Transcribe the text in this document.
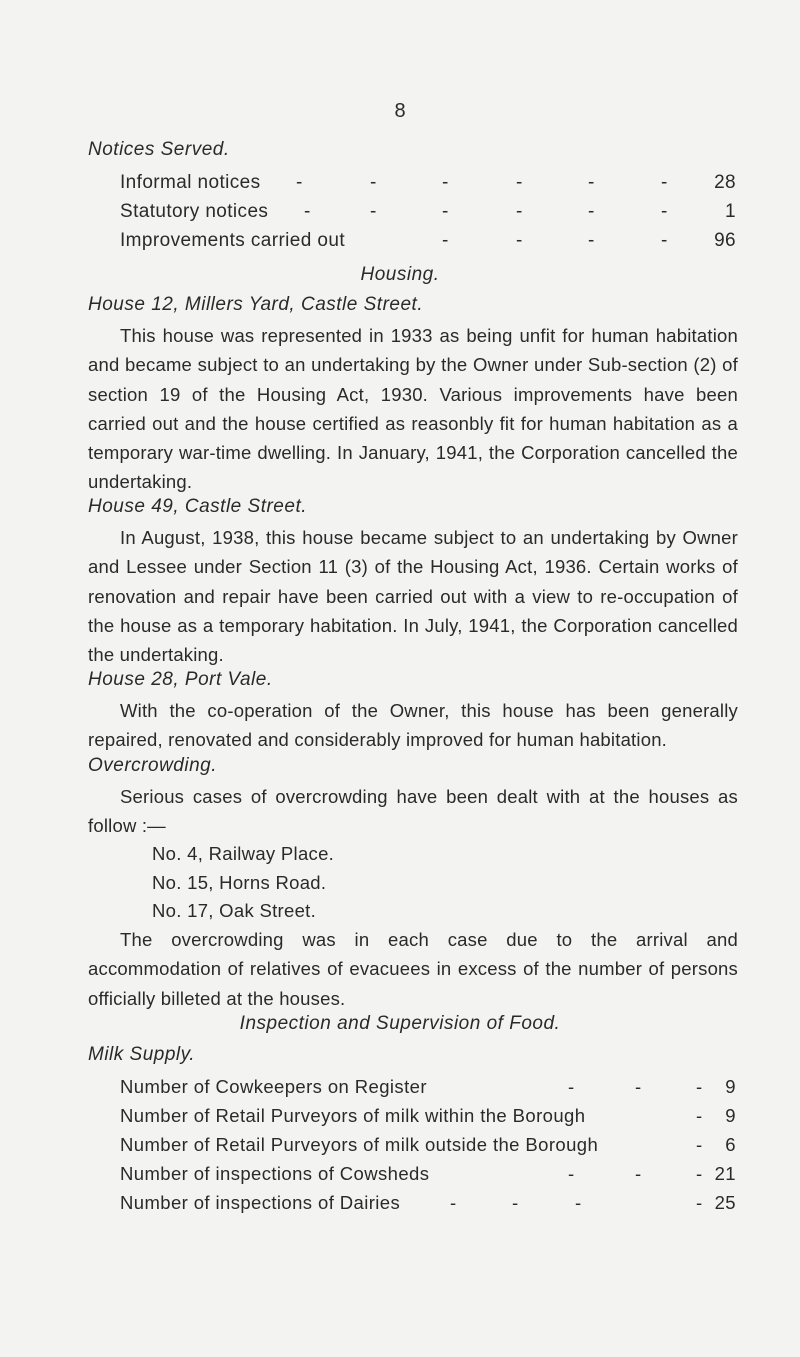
8
Notices Served.
Informal notices -	-	-	-	-	- 28
Statutory notices -	-	-	-	-	-	1
Improvements carried out	-	-	-	- 96
Housing.
House 12, Millers Yard, Castle Street.
This house was represented in 1933 as being unfit for human habitation and became subject to an undertaking by the Owner under Sub-section (2) of section 19 of the Housing Act, 1930. Various improvements have been carried out and the house certified as reasonbly fit for human habitation as a temporary war-time dwelling. In January, 1941, the Corporation cancelled the undertaking.
House 49, Castle Street.
In August, 1938, this house became subject to an undertaking by Owner and Lessee under Section 11 (3) of the Housing Act, 1936. Certain works of renovation and repair have been carried out with a view to re-occupation of the house as a temporary habitation. In July, 1941, the Corporation cancelled the undertaking.
House 28, Port Vale.
With the co-operation of the Owner, this house has been generally repaired, renovated and considerably improved for human habitation.
Overcrowding.
Serious cases of overcrowding have been dealt with at the houses as follow :—
No. 4, Railway Place.
No. 15, Horns Road.
No. 17, Oak Street.
The overcrowding was in each case due to the arrival and accommodation of relatives of evacuees in excess of the number of persons officially billeted at the houses.
Inspection and Supervision of Food.
Milk Supply.
Number of Cowkeepers on Register	-	-	- 9
Number of Retail Purveyors of milk within the Borough	- 9
Number of Retail Purveyors of milk outside the Borough	- 6
Number of inspections of Cowsheds	-	-	- 21
Number of inspections of Dairies	-	-	-	- 25
